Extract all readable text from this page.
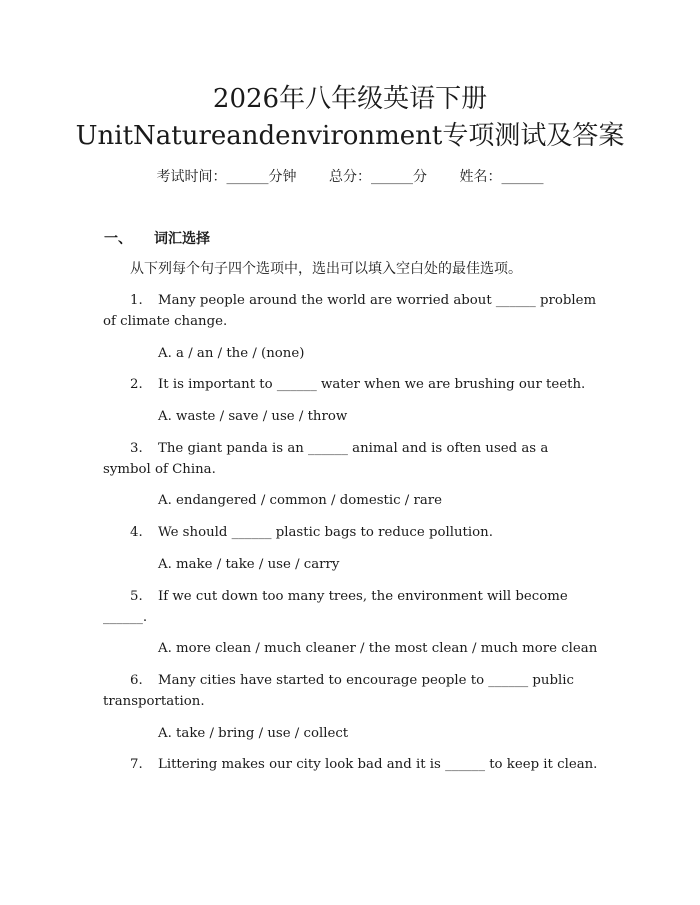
2026年八年级英语下册
UnitNatureandenvironment专项测试及答案
考试时间：______分钟 总分：______分 姓名：______
一、 词汇选择
从下列每个句子四个选项中，选出可以填入空白处的最佳选项。
1. Many people around the world are worried about ______ problem of climate change.
A. a / an / the / (none)
2. It is important to ______ water when we are brushing our teeth.
A. waste / save / use / throw
3. The giant panda is an ______ animal and is often used as a symbol of China.
A. endangered / common / domestic / rare
4. We should ______ plastic bags to reduce pollution.
A. make / take / use / carry
5. If we cut down too many trees, the environment will become ______.
A. more clean / much cleaner / the most clean / much more clean
6. Many cities have started to encourage people to ______ public transportation.
A. take / bring / use / collect
7. Littering makes our city look bad and it is ______ to keep it clean.
